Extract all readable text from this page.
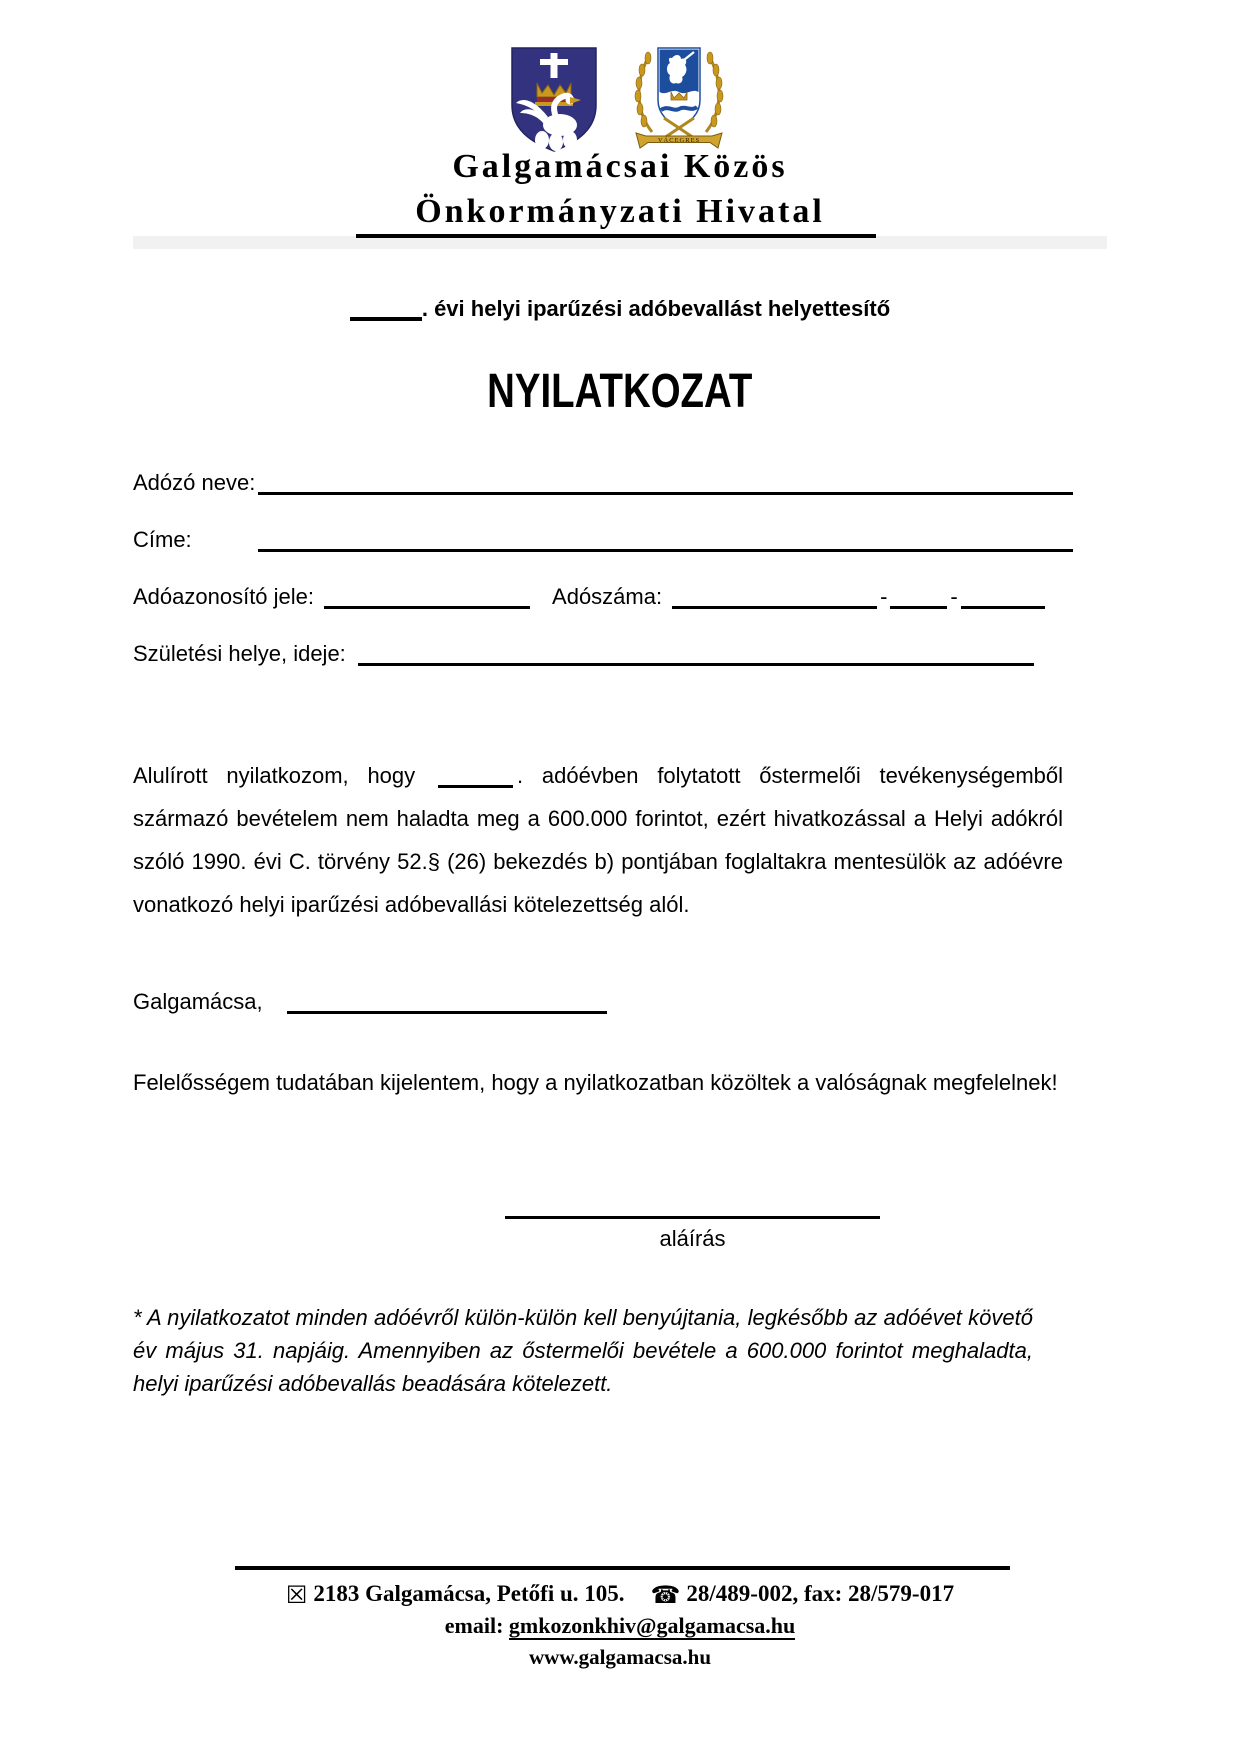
VÁCEGRES
Galgamácsai Közös
Önkormányzati Hivatal
. évi helyi iparűzési adóbevallást helyettesítő
NYILATKOZAT
Adózó neve:
Címe:
Adóazonosító jele:	Adószáma:	-	-
Születési helye, ideje:

Alulírott nyilatkozom, hogy	. adóévben folytatott őstermelői tevékenységemből származó bevételem nem haladta meg a 600.000 forintot, ezért hivatkozással a Helyi adókról szóló 1990. évi C. törvény 52.§ (26) bekezdés b) pontjában foglaltakra mentesülök az adóévre vonatkozó helyi iparűzési adóbevallási kötelezettség alól.

Galgamácsa,

Felelősségem tudatában kijelentem, hogy a nyilatkozatban közöltek a valóságnak megfelelnek!

aláírás

* A nyilatkozatot minden adóévről külön-külön kell benyújtania, legkésőbb az adóévet követő év május 31. napjáig. Amennyiben az őstermelői bevétele a 600.000 forintot meghaladta, helyi iparűzési adóbevallás beadására kötelezett.

☒ 2183 Galgamácsa, Petőfi u. 105. ☎ 28/489-002, fax: 28/579-017
email: gmkozonkhiv@galgamacsa.hu
www.galgamacsa.hu
